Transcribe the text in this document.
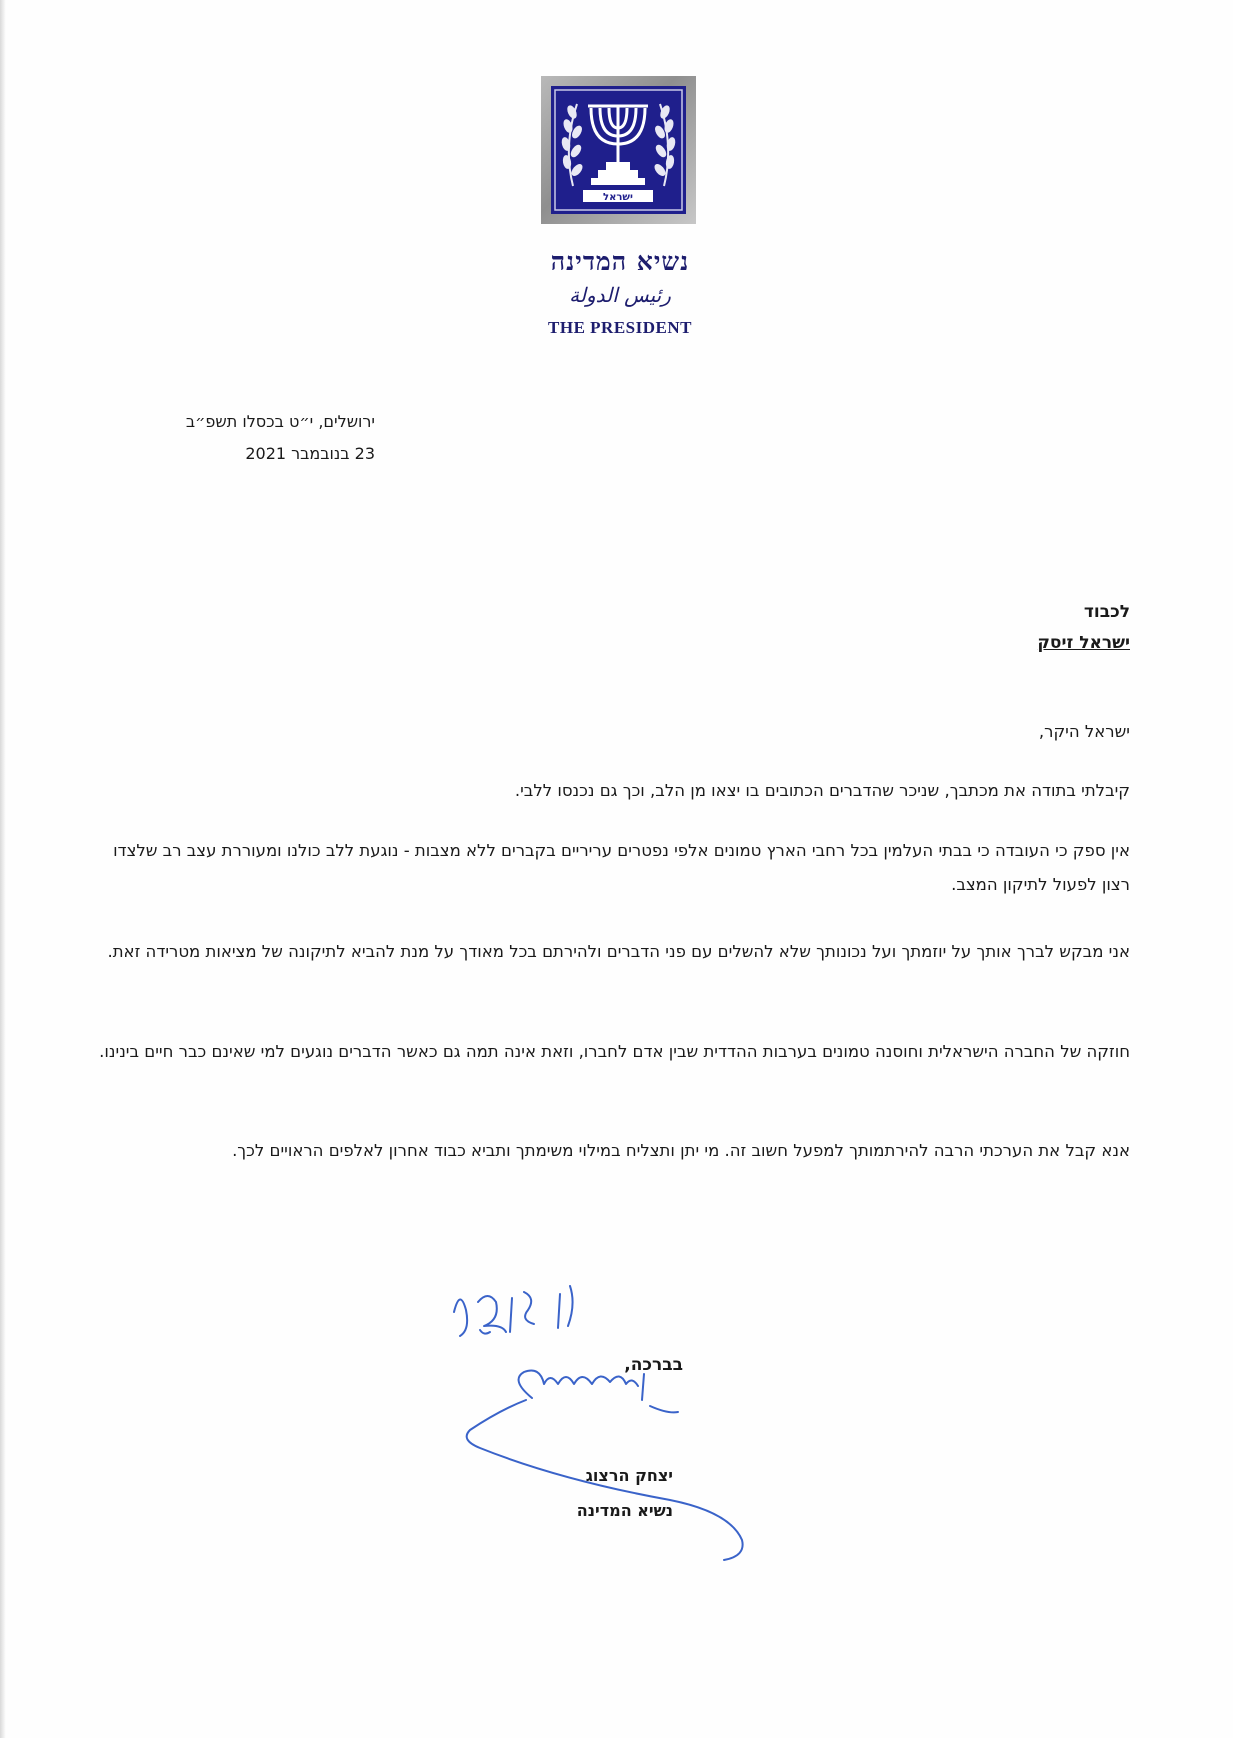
ישראל
נשיא המדינה
رئيس الدولة
THE PRESIDENT
ירושלים, י״ט בכסלו תשפ״ב
23 בנובמבר 2021
לכבוד
ישראל זיסק
ישראל היקר,
קיבלתי בתודה את מכתבך, שניכר שהדברים הכתובים בו יצאו מן הלב, וכך גם נכנסו ללבי.
אין ספק כי העובדה כי בבתי העלמין בכל רחבי הארץ טמונים אלפי נפטרים עריריים בקברים ללא מצבות - נוגעת ללב כולנו ומעוררת עצב רב שלצדו רצון לפעול לתיקון המצב.
אני מבקש לברך אותך על יוזמתך ועל נכונותך שלא להשלים עם פני הדברים ולהירתם בכל מאודך על מנת להביא לתיקונה של מציאות מטרידה זאת.
חוזקה של החברה הישראלית וחוסנה טמונים בערבות ההדדית שבין אדם לחברו, וזאת אינה תמה גם כאשר הדברים נוגעים למי שאינם כבר חיים בינינו.
אנא קבל את הערכתי הרבה להירתמותך למפעל חשוב זה. מי יתן ותצליח במילוי משימתך ותביא כבוד אחרון לאלפים הראויים לכך.
בברכה,
יצחק הרצוג
נשיא המדינה
